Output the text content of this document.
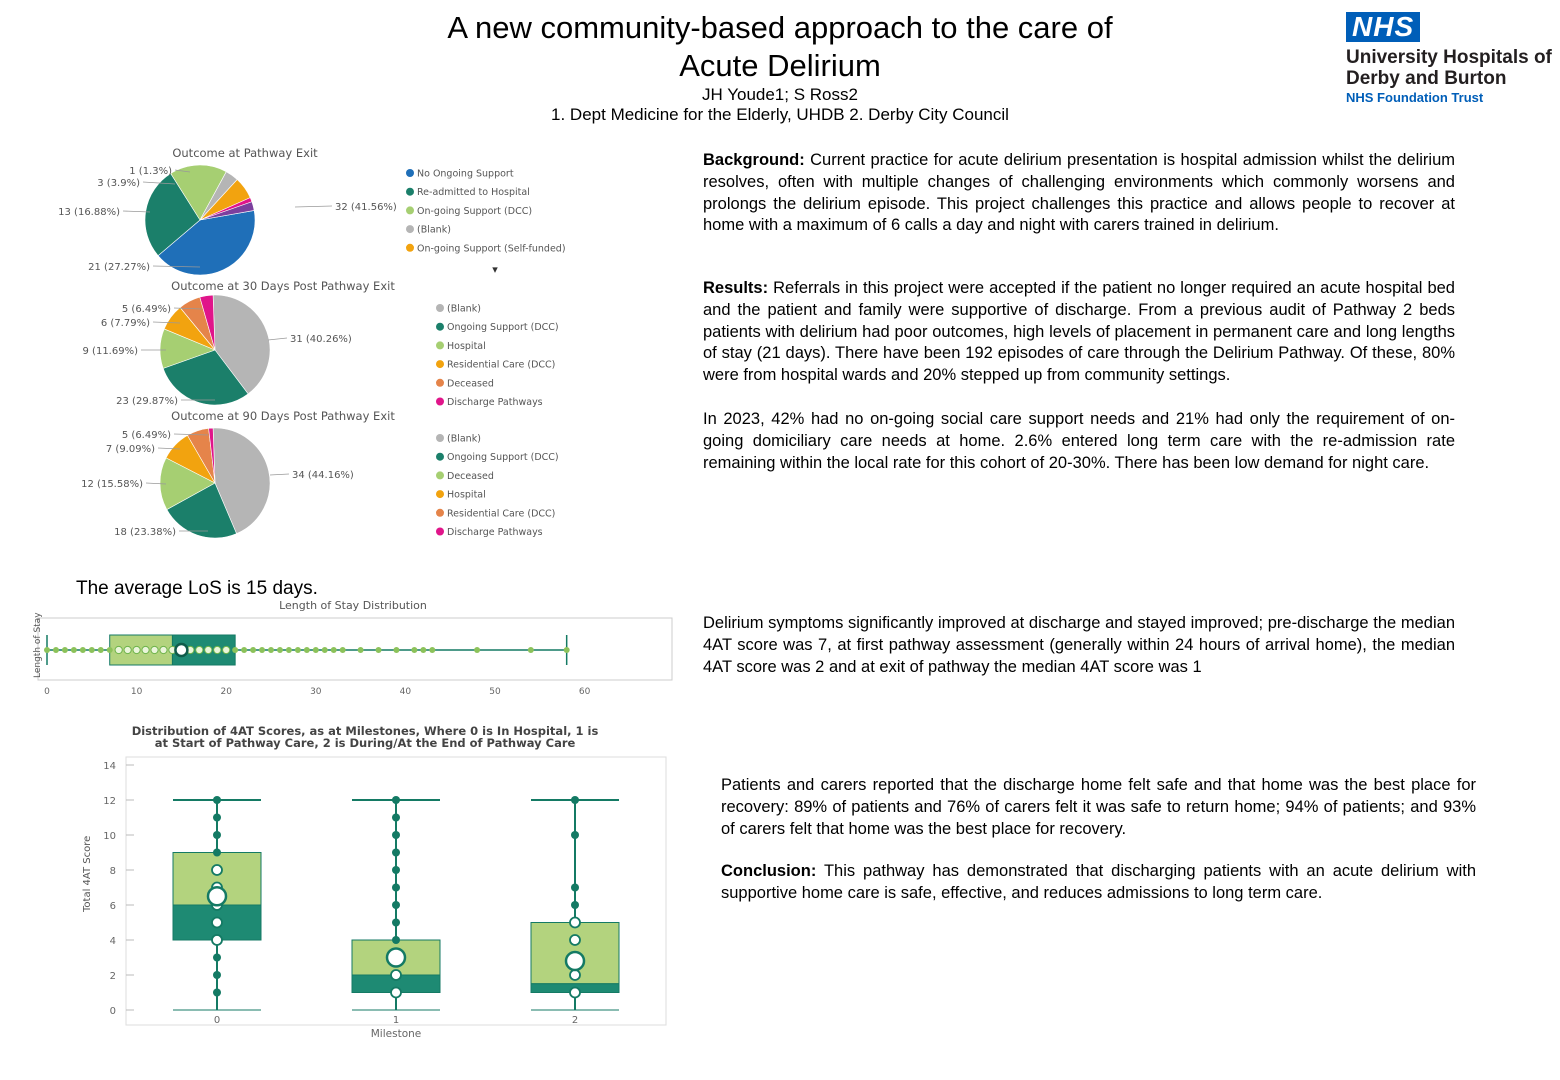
A new community-based approach to the care of
Acute Delirium
JH Youde1; S Ross2
1. Dept Medicine for the Elderly, UHDB 2. Derby City Council
NHS
University Hospitals of
Derby and Burton
NHS Foundation Trust
Background: Current practice for acute delirium presentation is hospital admission whilst the delirium resolves, often with multiple changes of challenging environments which commonly worsens and prolongs the delirium episode. This project challenges this practice and allows people to recover at home with a maximum of 6 calls a day and night with carers trained in delirium.
Results: Referrals in this project were accepted if the patient no longer required an acute hospital bed and the patient and family were supportive of discharge. From a previous audit of Pathway 2 beds patients with delirium had poor outcomes, high levels of placement in permanent care and long lengths of stay (21 days). There have been 192 episodes of care through the Delirium Pathway. Of these, 80% were from hospital wards and 20% stepped up from community settings.
In 2023, 42% had no on-going social care support needs and 21% had only the requirement of on-going domiciliary care needs at home. 2.6% entered long term care with the re-admission rate remaining within the local rate for this cohort of 20-30%. There has been low demand for night care.
Delirium symptoms significantly improved at discharge and stayed improved; pre-discharge the median 4AT score was 7, at first pathway assessment (generally within 24 hours of arrival home), the median 4AT score was 2 and at exit of pathway the median 4AT score was 1
Patients and carers reported that the discharge home felt safe and that home was the best place for recovery: 89% of patients and 76% of carers felt it was safe to return home; 94% of patients; and 93% of carers felt that home was the best place for recovery.
Conclusion: This pathway has demonstrated that discharging patients with an acute delirium with supportive home care is safe, effective, and reduces admissions to long term care.
The average LoS is 15 days.
Outcome at Pathway Exit
32 (41.56%)
21 (27.27%)
13 (16.88%)
3 (3.9%)
1 (1.3%)	No Ongoing Support
Re-admitted to Hospital
On-going Support (DCC)
(Blank)
On-going Support (Self-funded)
▾
Outcome at 30 Days Post Pathway Exit
31 (40.26%)
23 (29.87%)
9 (11.69%)
6 (7.79%)
5 (6.49%)	(Blank)
Ongoing Support (DCC)
Hospital
Residential Care (DCC)
Deceased
Discharge Pathways
Outcome at 90 Days Post Pathway Exit
34 (44.16%)
18 (23.38%)
12 (15.58%)
7 (9.09%)
5 (6.49%)	(Blank)
Ongoing Support (DCC)
Deceased
Hospital
Residential Care (DCC)
Discharge Pathways
Length of Stay Distribution
Length of Stay
0	10	20	30	40	50	60
Distribution of 4AT Scores, as at Milestones, Where 0 is In Hospital, 1 is
at Start of Pathway Care, 2 is During/At the End of Pathway Care
0
2
4
6
8
10
12
14
Total 4AT Score
Milestone
0	1	2
